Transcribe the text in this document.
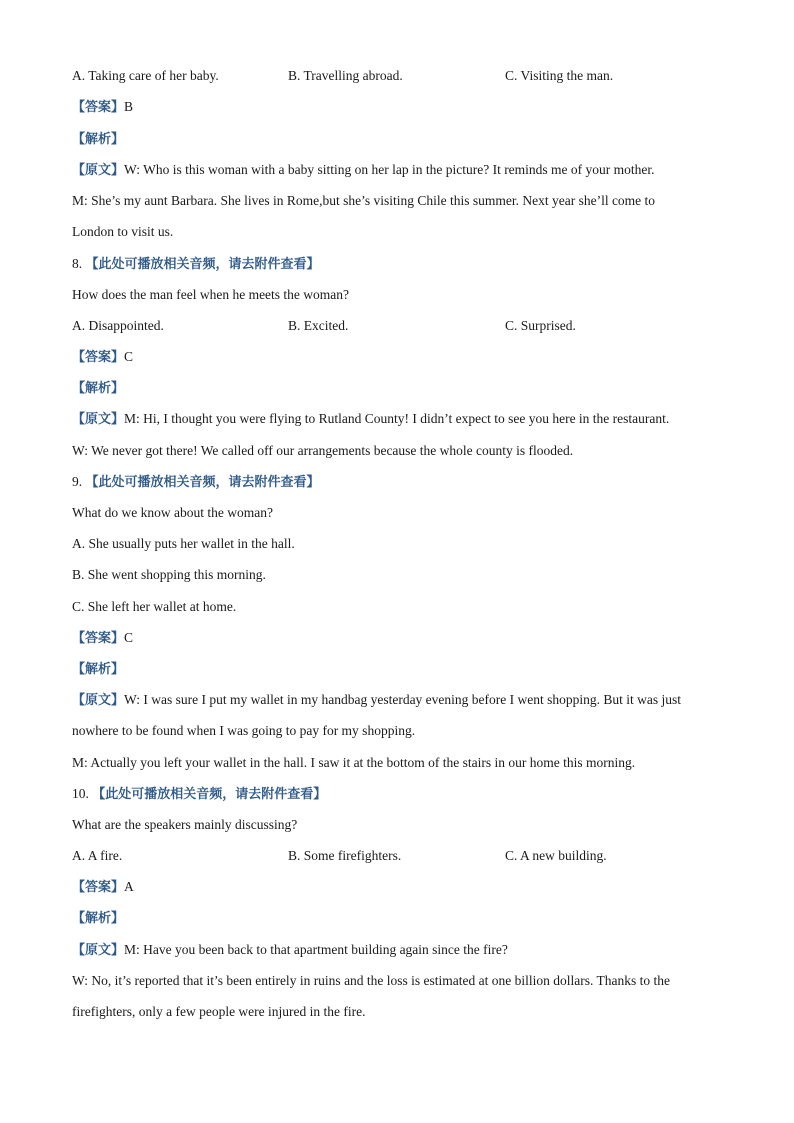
A. Taking care of her baby.	B. Travelling abroad.	C. Visiting the man.
【答案】B
【解析】
【原文】W: Who is this woman with a baby sitting on her lap in the picture? It reminds me of your mother.
M: She’s my aunt Barbara. She lives in Rome,but she’s visiting Chile this summer. Next year she’ll come to
London to visit us.
8. 【此处可播放相关音频，请去附件查看】
How does the man feel when he meets the woman?
A. Disappointed.	B. Excited.	C. Surprised.
【答案】C
【解析】
【原文】M: Hi, I thought you were flying to Rutland County! I didn’t expect to see you here in the restaurant.
W: We never got there! We called off our arrangements because the whole county is flooded.
9. 【此处可播放相关音频，请去附件查看】
What do we know about the woman?
A. She usually puts her wallet in the hall.
B. She went shopping this morning.
C. She left her wallet at home.
【答案】C
【解析】
【原文】W: I was sure I put my wallet in my handbag yesterday evening before I went shopping. But it was just
nowhere to be found when I was going to pay for my shopping.
M: Actually you left your wallet in the hall. I saw it at the bottom of the stairs in our home this morning.
10. 【此处可播放相关音频，请去附件查看】
What are the speakers mainly discussing?
A. A fire.	B. Some firefighters.	C. A new building.
【答案】A
【解析】
【原文】M: Have you been back to that apartment building again since the fire?
W: No, it’s reported that it’s been entirely in ruins and the loss is estimated at one billion dollars. Thanks to the
firefighters, only a few people were injured in the fire.
